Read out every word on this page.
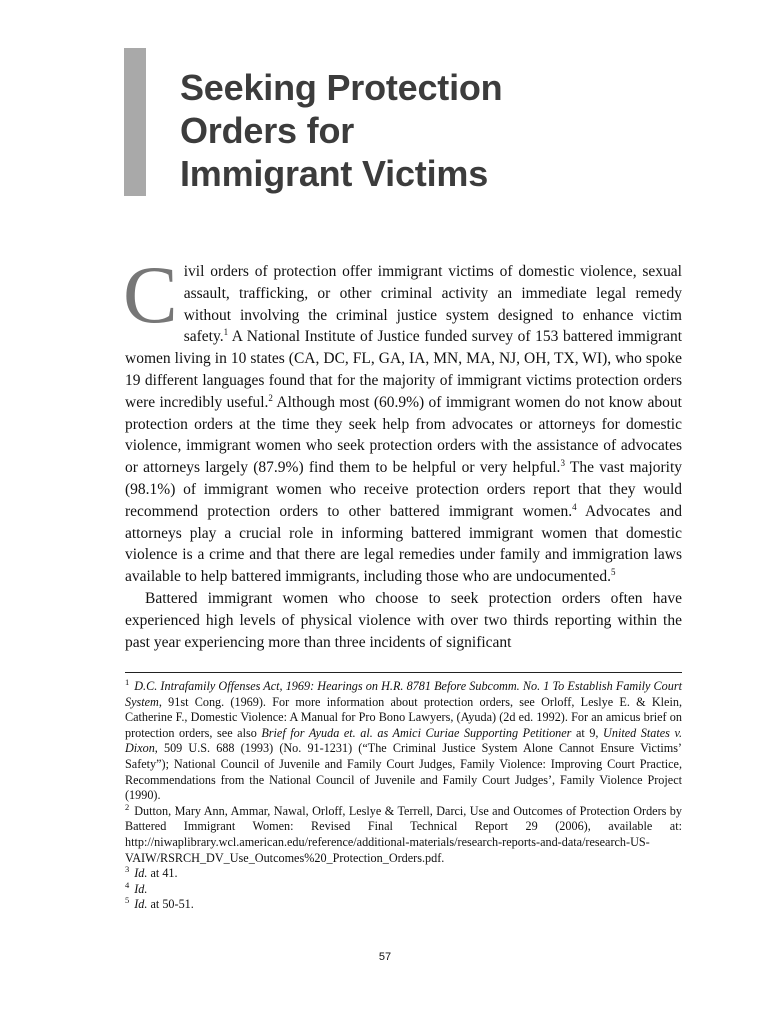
Seeking Protection
Orders for
Immigrant Victims

Civil orders of protection offer immigrant victims of domestic violence, sexual assault, trafficking, or other criminal activity an immediate legal remedy without involving the criminal justice system designed to enhance victim safety.$^1$ A National Institute of Justice funded survey of 153 battered immigrant women living in 10 states (CA, DC, FL, GA, IA, MN, MA, NJ, OH, TX, WI), who spoke 19 different languages found that for the majority of immigrant victims protection orders were incredibly useful.$^2$ Although most (60.9%) of immigrant women do not know about protection orders at the time they seek help from advocates or attorneys for domestic violence, immigrant women who seek protection orders with the assistance of advocates or attorneys largely (87.9%) find them to be helpful or very helpful.$^3$ The vast majority (98.1%) of immigrant women who receive protection orders report that they would recommend protection orders to other battered immigrant women.$^4$ Advocates and attorneys play a crucial role in informing battered immigrant women that domestic violence is a crime and that there are legal remedies under family and immigration laws available to help battered immigrants, including those who are undocumented.$^5$

Battered immigrant women who choose to seek protection orders often have experienced high levels of physical violence with over two thirds reporting within the past year experiencing more than three incidents of significant

$^1$ D.C. Intrafamily Offenses Act, 1969: Hearings on H.R. 8781 Before Subcomm. No. 1 To Establish Family Court System, 91st Cong. (1969). For more information about protection orders, see Orloff, Leslye E. & Klein, Catherine F., Domestic Violence: A Manual for Pro Bono Lawyers, (Ayuda) (2d ed. 1992). For an amicus brief on protection orders, see also Brief for Ayuda et. al. as Amici Curiae Supporting Petitioner at 9, United States v. Dixon, 509 U.S. 688 (1993) (No. 91-1231) (“The Criminal Justice System Alone Cannot Ensure Victims’ Safety”); National Council of Juvenile and Family Court Judges, Family Violence: Improving Court Practice, Recommendations from the National Council of Juvenile and Family Court Judges’, Family Violence Project (1990).

$^2$ Dutton, Mary Ann, Ammar, Nawal, Orloff, Leslye & Terrell, Darci, Use and Outcomes of Protection Orders by Battered Immigrant Women: Revised Final Technical Report 29 (2006), available at: http://niwaplibrary.wcl.american.edu/reference/additional-materials/research-reports-and-data/research-US-VAIW/RSRCH_DV_Use_Outcomes%20_Protection_Orders.pdf.

$^3$ Id. at 41.

$^4$ Id.

$^5$ Id. at 50-51.

57
